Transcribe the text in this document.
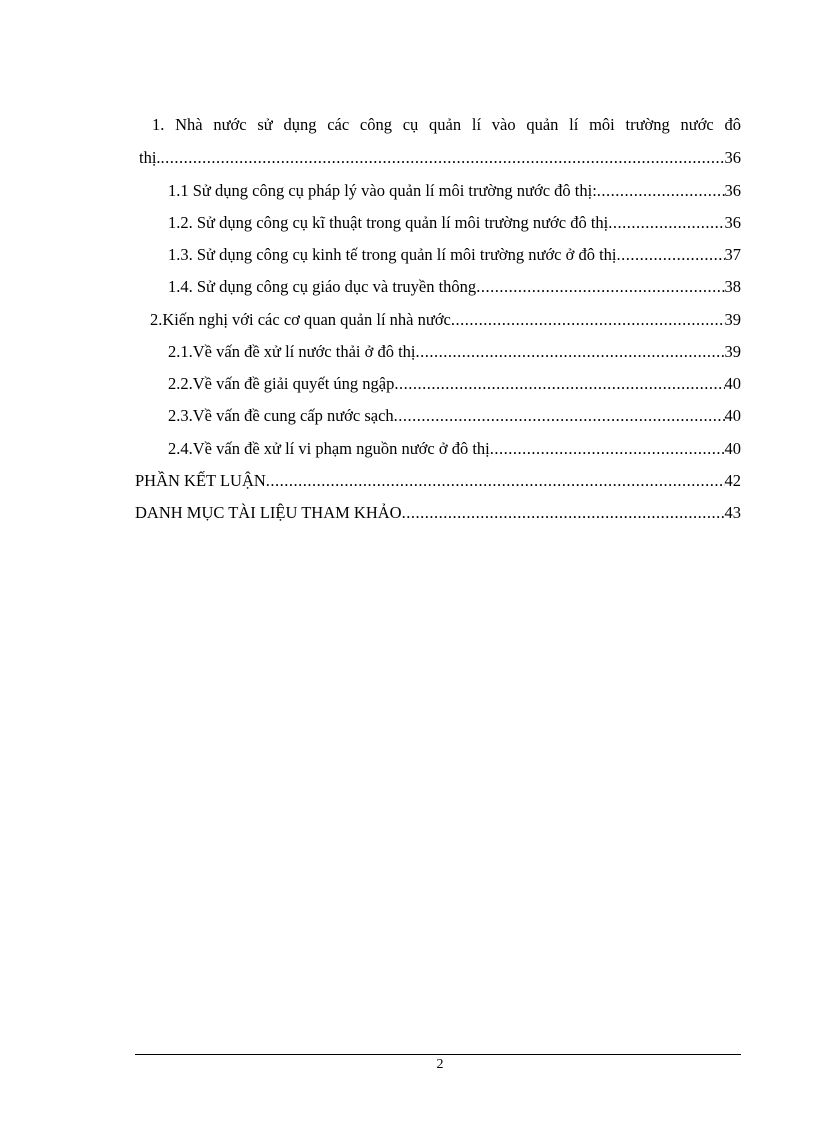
1. Nhà nước sử dụng các công cụ quản lí vào quản lí môi trường nước đô
thị. .....	36
1.1 Sử dụng công cụ pháp lý vào quản lí môi trường nước đô thị: .....	36
1.2. Sử dụng công cụ kĩ thuật trong quản lí môi trường nước đô thị .....	36
1.3. Sử dụng công cụ kinh tế trong quản lí môi trường nước ở đô thị .....	37
1.4. Sử dụng công cụ giáo dục và truyền thông .....	38
2.Kiến nghị với các cơ quan quản lí nhà nước .....	39
2.1.Về vấn đề xử lí nước thải ở đô thị .....	39
2.2.Về vấn đề giải quyết úng ngập .....	40
2.3.Về vấn đề cung cấp nước sạch .....	40
2.4.Về vấn đề xử lí vi phạm nguồn nước ở đô thị .....	40
PHẦN KẾT LUẬN .....	42
DANH MỤC TÀI LIỆU THAM KHẢO .....	43
2
